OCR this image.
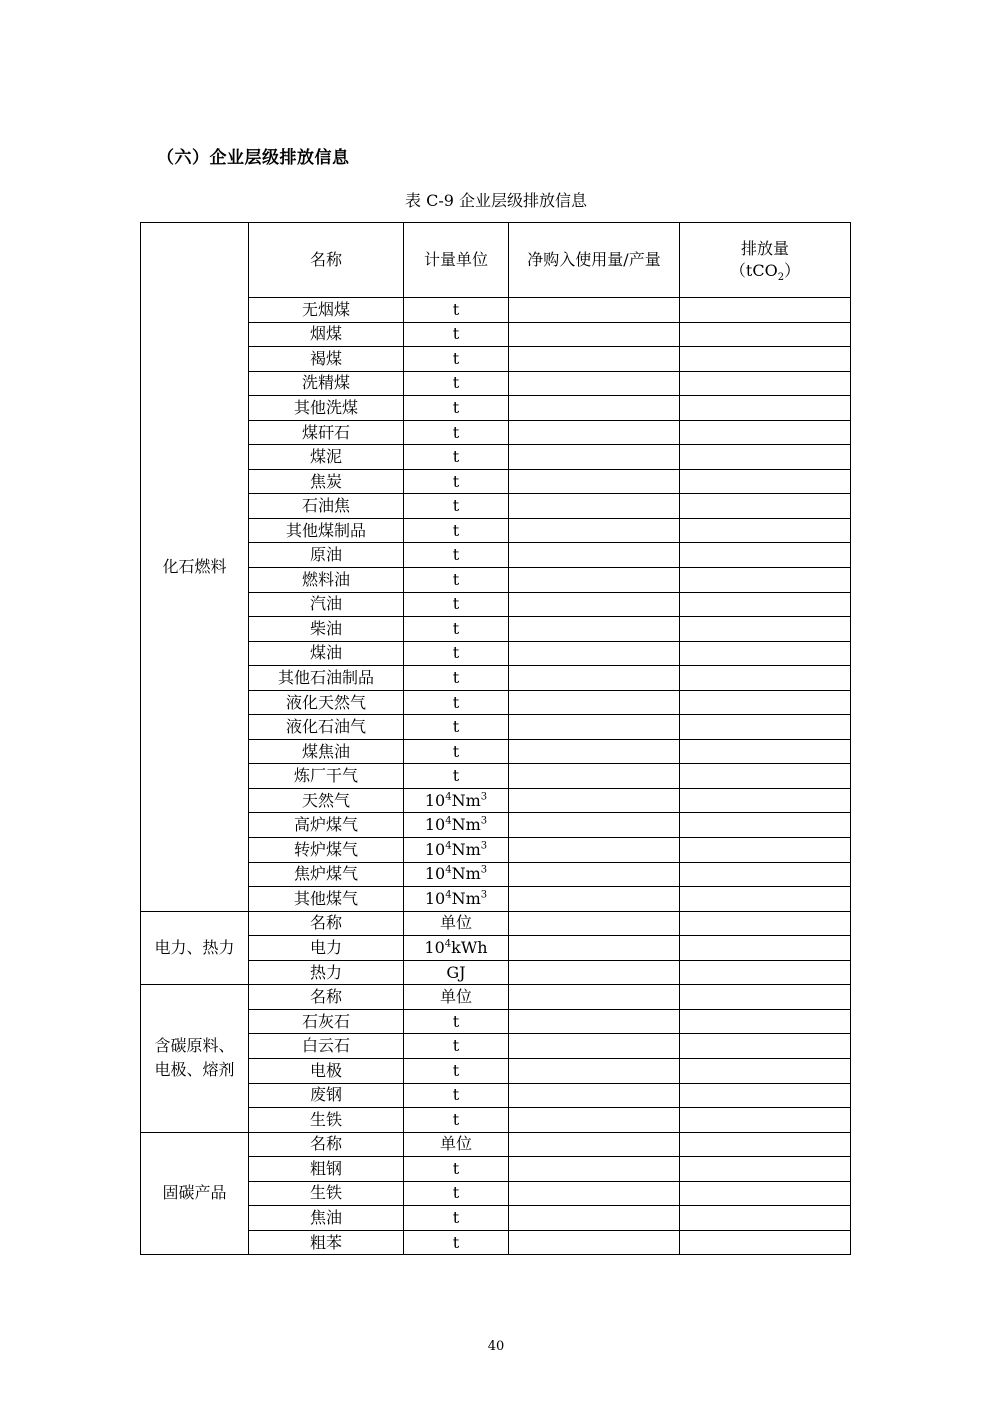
（六）企业层级排放信息
表 C-9 企业层级排放信息
化石燃料	名称	计量单位	净购入使用量/产量	排放量
（tCO$_2$）

	无烟煤	t		
	烟煤	t		
	褐煤	t		
	洗精煤	t		
	其他洗煤	t		
	煤矸石	t		
	煤泥	t		
	焦炭	t		
	石油焦	t		
	其他煤制品	t		
	原油	t		
	燃料油	t		
	汽油	t		
	柴油	t		
	煤油	t		
	其他石油制品	t		
	液化天然气	t		
	液化石油气	t		
	煤焦油	t		
	炼厂干气	t		
	天然气	$10^4Nm^3$		
	高炉煤气	$10^4Nm^3$		
	转炉煤气	$10^4Nm^3$		
	焦炉煤气	$10^4Nm^3$		
	其他煤气	$10^4Nm^3$		
电力、热力	名称	单位		
	电力	$10^4kWh$		
	热力	GJ		

含碳原料、
电极、熔剂	名称	单位		
	石灰石	t		
	白云石	t		
	电极	t		
	废钢	t		
	生铁	t		
固碳产品	名称	单位		
	粗钢	t		
	生铁	t		
	焦油	t		
	粗苯	t		
40
